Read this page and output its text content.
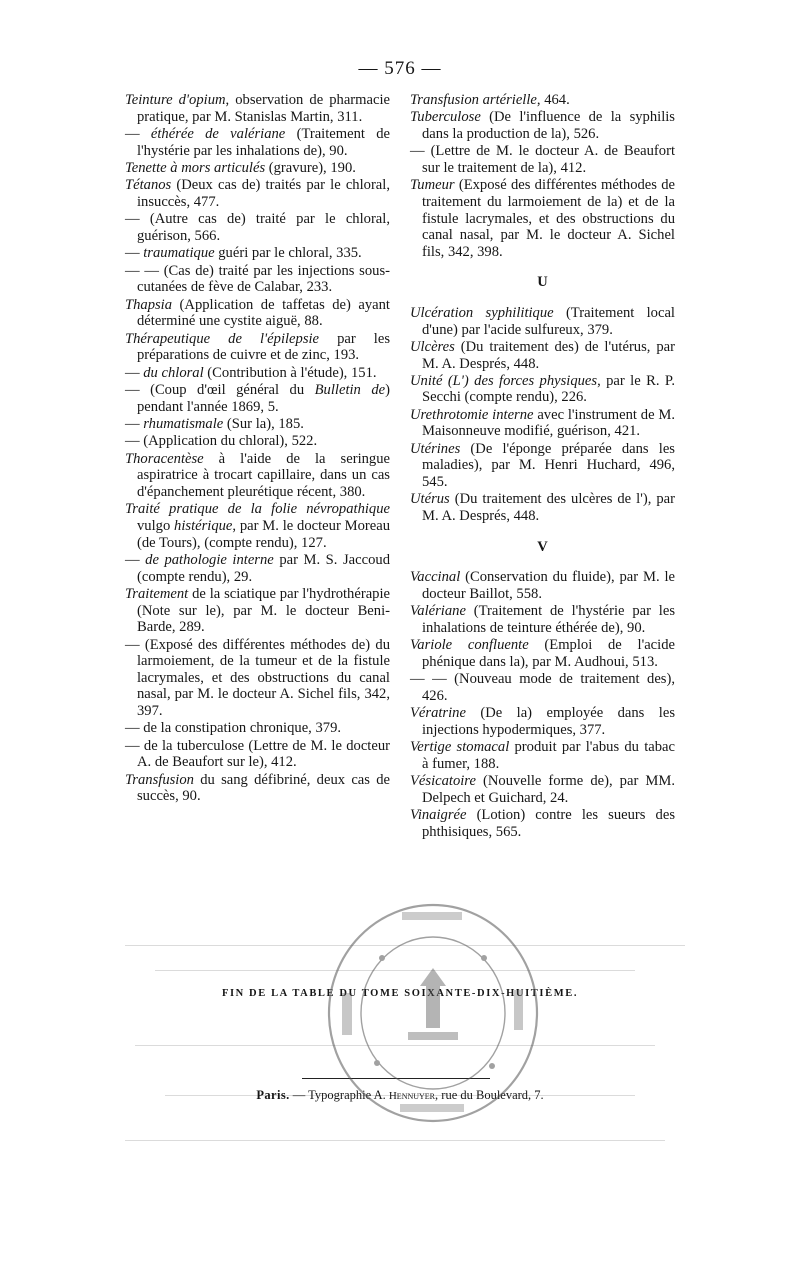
— 576 —
Teinture d'opium, observation de pharmacie pratique, par M. Stanislas Martin, 311.
— éthérée de valériane (Traitement de l'hystérie par les inhalations de), 90.
Tenette à mors articulés (gravure), 190.
Tétanos (Deux cas de) traités par le chloral, insuccès, 477.
— (Autre cas de) traité par le chloral, guérison, 566.
— traumatique guéri par le chloral, 335.
— — (Cas de) traité par les injections sous-cutanées de fève de Calabar, 233.
Thapsia (Application de taffetas de) ayant déterminé une cystite aiguë, 88.
Thérapeutique de l'épilepsie par les préparations de cuivre et de zinc, 193.
— du chloral (Contribution à l'étude), 151.
— (Coup d'œil général du Bulletin de) pendant l'année 1869, 5.
— rhumatismale (Sur la), 185.
— (Application du chloral), 522.
Thoracentèse à l'aide de la seringue aspiratrice à trocart capillaire, dans un cas d'épanchement pleurétique récent, 380.
Traité pratique de la folie névropathique vulgo histérique, par M. le docteur Moreau (de Tours), (compte rendu), 127.
— de pathologie interne par M. S. Jaccoud (compte rendu), 29.
Traitement de la sciatique par l'hydrothérapie (Note sur le), par M. le docteur Beni-Barde, 289.
— (Exposé des différentes méthodes de) du larmoiement, de la tumeur et de la fistule lacrymales, et des obstructions du canal nasal, par M. le docteur A. Sichel fils, 342, 397.
— de la constipation chronique, 379.
— de la tuberculose (Lettre de M. le docteur A. de Beaufort sur le), 412.
Transfusion du sang défibriné, deux cas de succès, 90.
Transfusion artérielle, 464.
Tuberculose (De l'influence de la syphilis dans la production de la), 526.
— (Lettre de M. le docteur A. de Beaufort sur le traitement de la), 412.
Tumeur (Exposé des différentes méthodes de traitement du larmoiement de la) et de la fistule lacrymales, et des obstructions du canal nasal, par M. le docteur A. Sichel fils, 342, 398.
U
Ulcération syphilitique (Traitement local d'une) par l'acide sulfureux, 379.
Ulcères (Du traitement des) de l'utérus, par M. A. Després, 448.
Unité (L') des forces physiques, par le R. P. Secchi (compte rendu), 226.
Urethrotomie interne avec l'instrument de M. Maisonneuve modifié, guérison, 421.
Utérines (De l'éponge préparée dans les maladies), par M. Henri Huchard, 496, 545.
Utérus (Du traitement des ulcères de l'), par M. A. Després, 448.
V
Vaccinal (Conservation du fluide), par M. le docteur Baillot, 558.
Valériane (Traitement de l'hystérie par les inhalations de teinture éthérée de), 90.
Variole confluente (Emploi de l'acide phénique dans la), par M. Audhoui, 513.
— — (Nouveau mode de traitement des), 426.
Vératrine (De la) employée dans les injections hypodermiques, 377.
Vertige stomacal produit par l'abus du tabac à fumer, 188.
Vésicatoire (Nouvelle forme de), par MM. Delpech et Guichard, 24.
Vinaigrée (Lotion) contre les sueurs des phthisiques, 565.
FIN DE LA TABLE DU TOME SOIXANTE-DIX-HUITIÈME.
Paris. — Typographie A. Hennuyer, rue du Boulevard, 7.
